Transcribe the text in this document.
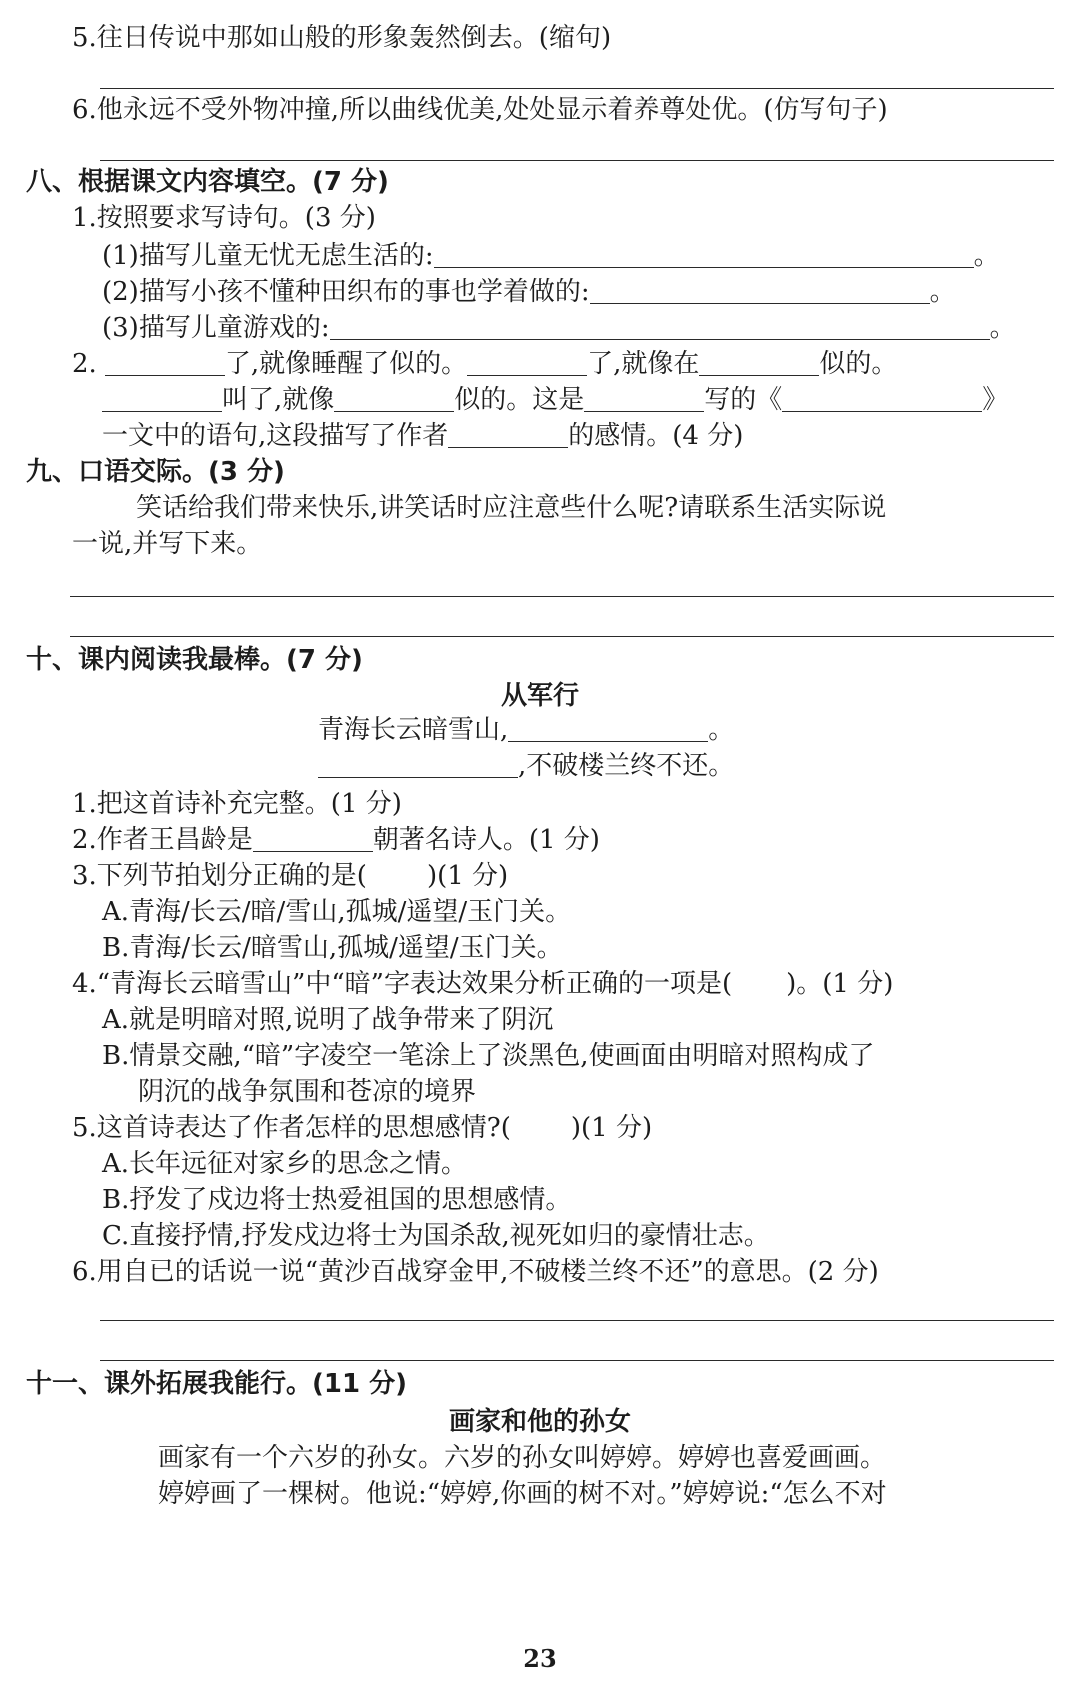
5.往日传说中那如山般的形象轰然倒去。(缩句)
6.他永远不受外物冲撞,所以曲线优美,处处显示着养尊处优。(仿写句子)
八、根据课文内容填空。(7 分)
1.按照要求写诗句。(3 分)
(1)描写儿童无忧无虑生活的:	。
(2)描写小孩不懂种田织布的事也学着做的:	。
(3)描写儿童游戏的:	。
2.	了,就像睡醒了似的。	了,就像在	似的。
叫了,就像	似的。这是	写的《	》
一文中的语句,这段描写了作者	的感情。(4 分)
九、口语交际。(3 分)
笑话给我们带来快乐,讲笑话时应注意些什么呢?请联系生活实际说
一说,并写下来。
十、课内阅读我最棒。(7 分)
从军行
青海长云暗雪山,	。
,不破楼兰终不还。
1.把这首诗补充完整。(1 分)
2.作者王昌龄是	朝著名诗人。(1 分)
3.下列节拍划分正确的是( )(1 分)
A.青海/长云/暗/雪山,孤城/遥望/玉门关。
B.青海/长云/暗雪山,孤城/遥望/玉门关。
4.“青海长云暗雪山”中“暗”字表达效果分析正确的一项是( )。(1 分)
A.就是明暗对照,说明了战争带来了阴沉
B.情景交融,“暗”字凌空一笔涂上了淡黑色,使画面由明暗对照构成了
阴沉的战争氛围和苍凉的境界
5.这首诗表达了作者怎样的思想感情?( )(1 分)
A.长年远征对家乡的思念之情。
B.抒发了戍边将士热爱祖国的思想感情。
C.直接抒情,抒发戍边将士为国杀敌,视死如归的豪情壮志。
6.用自已的话说一说“黄沙百战穿金甲,不破楼兰终不还”的意思。(2 分)
十一、课外拓展我能行。(11 分)
画家和他的孙女
画家有一个六岁的孙女。六岁的孙女叫婷婷。婷婷也喜爱画画。
婷婷画了一棵树。他说:“婷婷,你画的树不对。”婷婷说:“怎么不对
23
